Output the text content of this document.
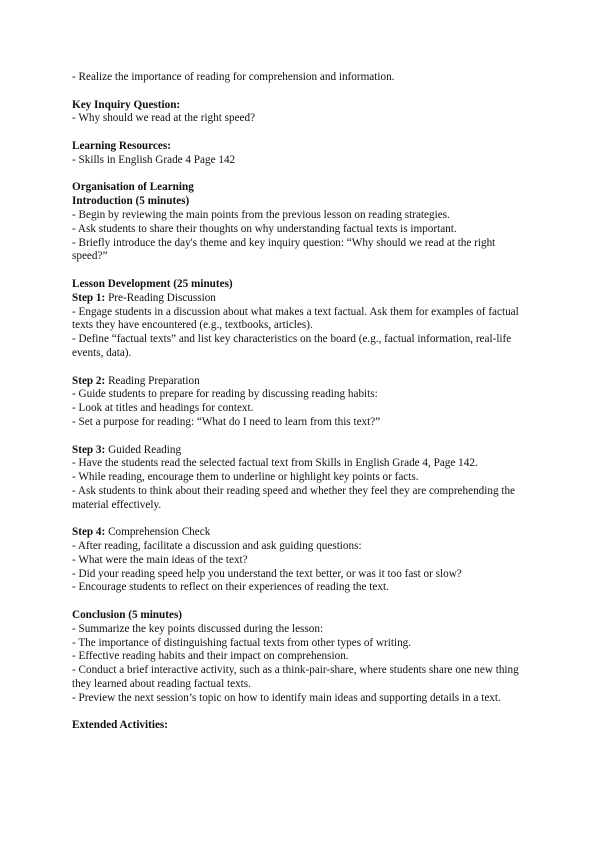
- Realize the importance of reading for comprehension and information.
Key Inquiry Question:
- Why should we read at the right speed?
Learning Resources:
- Skills in English Grade 4 Page 142
Organisation of Learning
Introduction (5 minutes)
- Begin by reviewing the main points from the previous lesson on reading strategies.
- Ask students to share their thoughts on why understanding factual texts is important.
- Briefly introduce the day's theme and key inquiry question: “Why should we read at the right speed?”
Lesson Development (25 minutes)
Step 1: Pre-Reading Discussion
- Engage students in a discussion about what makes a text factual. Ask them for examples of factual texts they have encountered (e.g., textbooks, articles).
- Define “factual texts” and list key characteristics on the board (e.g., factual information, real-life events, data).
Step 2: Reading Preparation
- Guide students to prepare for reading by discussing reading habits:
- Look at titles and headings for context.
- Set a purpose for reading: “What do I need to learn from this text?”
Step 3: Guided Reading
- Have the students read the selected factual text from Skills in English Grade 4, Page 142.
- While reading, encourage them to underline or highlight key points or facts.
- Ask students to think about their reading speed and whether they feel they are comprehending the material effectively.
Step 4: Comprehension Check
- After reading, facilitate a discussion and ask guiding questions:
- What were the main ideas of the text?
- Did your reading speed help you understand the text better, or was it too fast or slow?
- Encourage students to reflect on their experiences of reading the text.
Conclusion (5 minutes)
- Summarize the key points discussed during the lesson:
- The importance of distinguishing factual texts from other types of writing.
- Effective reading habits and their impact on comprehension.
- Conduct a brief interactive activity, such as a think-pair-share, where students share one new thing they learned about reading factual texts.
- Preview the next session’s topic on how to identify main ideas and supporting details in a text.
Extended Activities:
